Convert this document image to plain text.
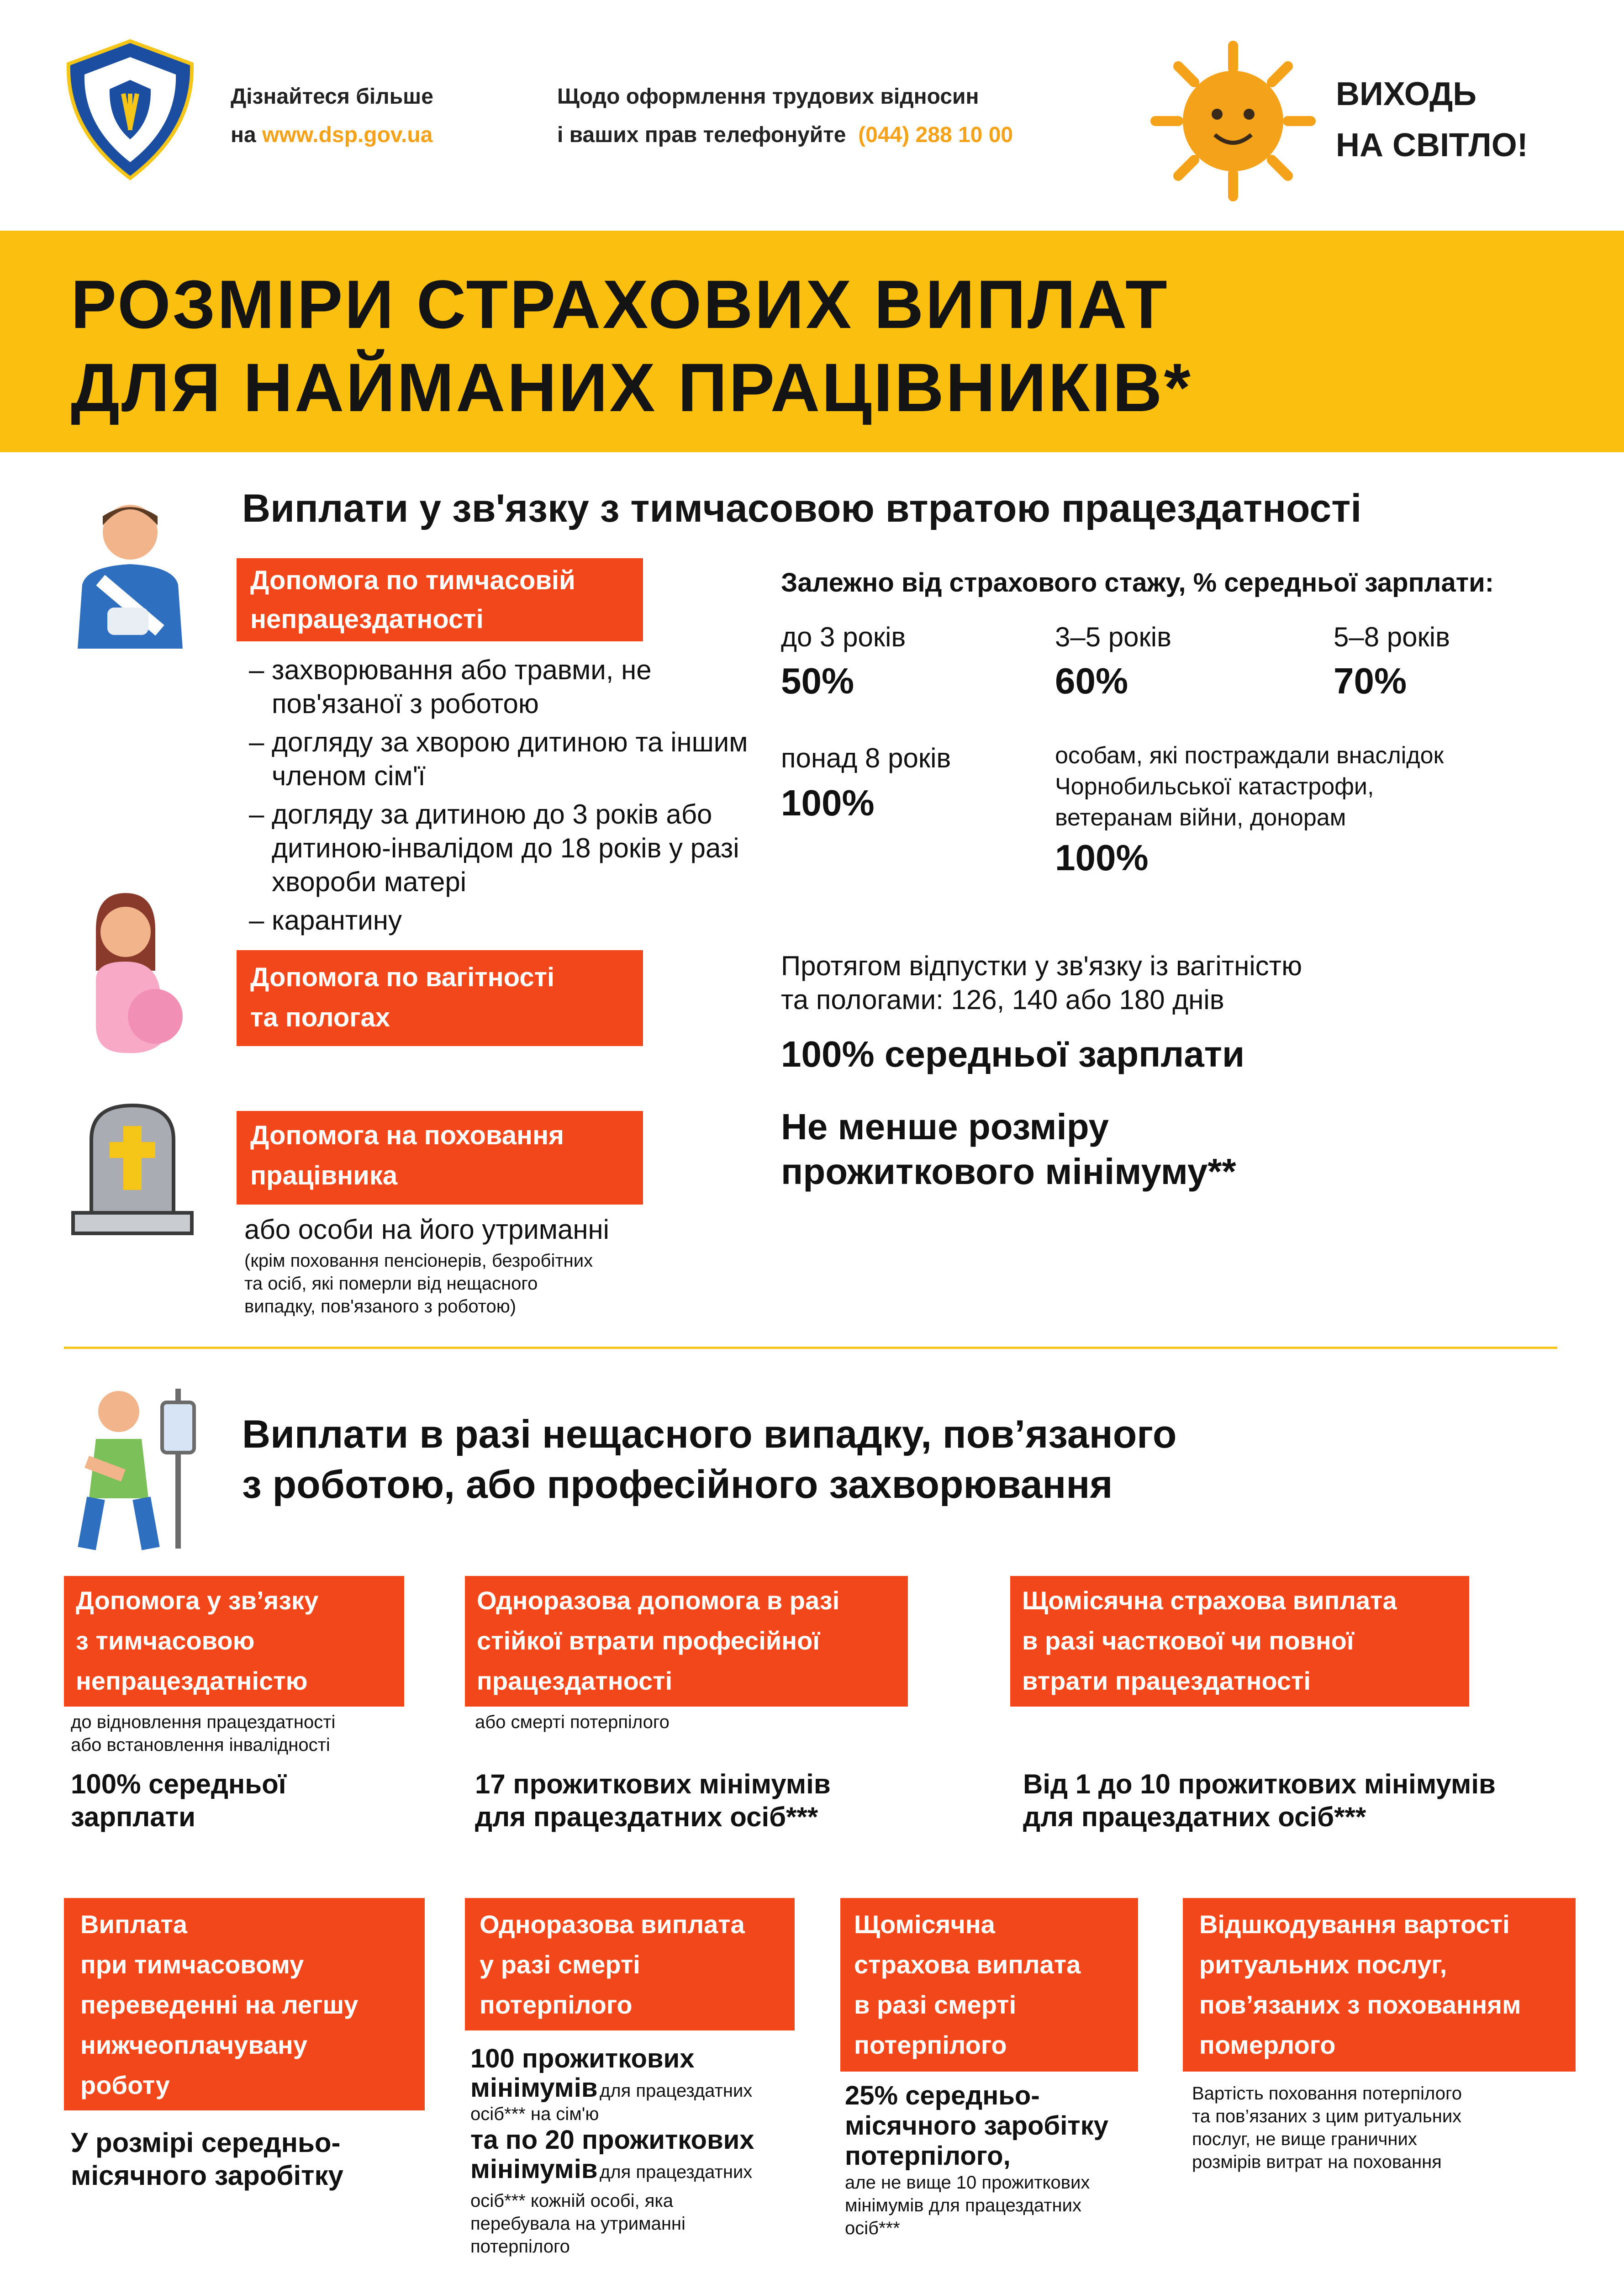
Дізнайтеся більше
на www.dsp.gov.ua
Щодо оформлення трудових відносин
і ваших прав телефонуйте (044) 288 10 00
ВИХОДЬ
НА СВІТЛО!
РОЗМІРИ СТРАХОВИХ ВИПЛАТ
ДЛЯ НАЙМАНИХ ПРАЦІВНИКІВ*
Виплати у зв'язку з тимчасовою втратою працездатності
Допомога по тимчасовій
непрацездатності
– захворювання або травми, не пов'язаної з роботою
– догляду за хворою дитиною та іншим членом сім'ї
– догляду за дитиною до 3 років або дитиною-інвалідом до 18 років у разі хвороби матері
– карантину
Залежно від страхового стажу, % середньої зарплати:
до 3 років
50%
3–5 років
60%
5–8 років
70%
понад 8 років
100%
особам, які постраждали внаслідок
Чорнобильської катастрофи,
ветеранам війни, донорам
100%
Допомога по вагітності
та пологах
Протягом відпустки у зв'язку із вагітністю
та пологами: 126, 140 або 180 днів
100% середньої зарплати
Допомога на поховання
працівника
або особи на його утриманні
(крім поховання пенсіонерів, безробітних
та осіб, які померли від нещасного
випадку, пов'язаного з роботою)
Не менше розміру
прожиткового мінімуму**
Виплати в разі нещасного випадку, пов’язаного
з роботою, або професійного захворювання
Допомога у зв’язку
з тимчасовою
непрацездатністю
до відновлення працездатності
або встановлення інвалідності
100% середньої
зарплати
Одноразова допомога в разі
стійкої втрати професійної
працездатності
або смерті потерпілого
17 прожиткових мінімумів
для працездатних осіб***
Щомісячна страхова виплата
в разі часткової чи повної
втрати працездатності
Від 1 до 10 прожиткових мінімумів
для працездатних осіб***
Виплата
при тимчасовому
переведенні на легшу
нижчеоплачувану
роботу
У розмірі середньо-
місячного заробітку
Одноразова виплата
у разі смерті
потерпілого
100 прожиткових
мінімумів для працездатних
осіб*** на сім'ю
та по 20 прожиткових
мінімумів для працездатних
осіб*** кожній особі, яка
перебувала на утриманні
потерпілого
Щомісячна
страхова виплата
в разі смерті
потерпілого
25% середньо-
місячного заробітку
потерпілого,
але не вище 10 прожиткових
мінімумів для працездатних
осіб***
Відшкодування вартості
ритуальних послуг,
пов’язаних з похованням
померлого
Вартість поховання потерпілого
та пов’язаних з цим ритуальних
послуг, не вище граничних
розмірів витрат на поховання
